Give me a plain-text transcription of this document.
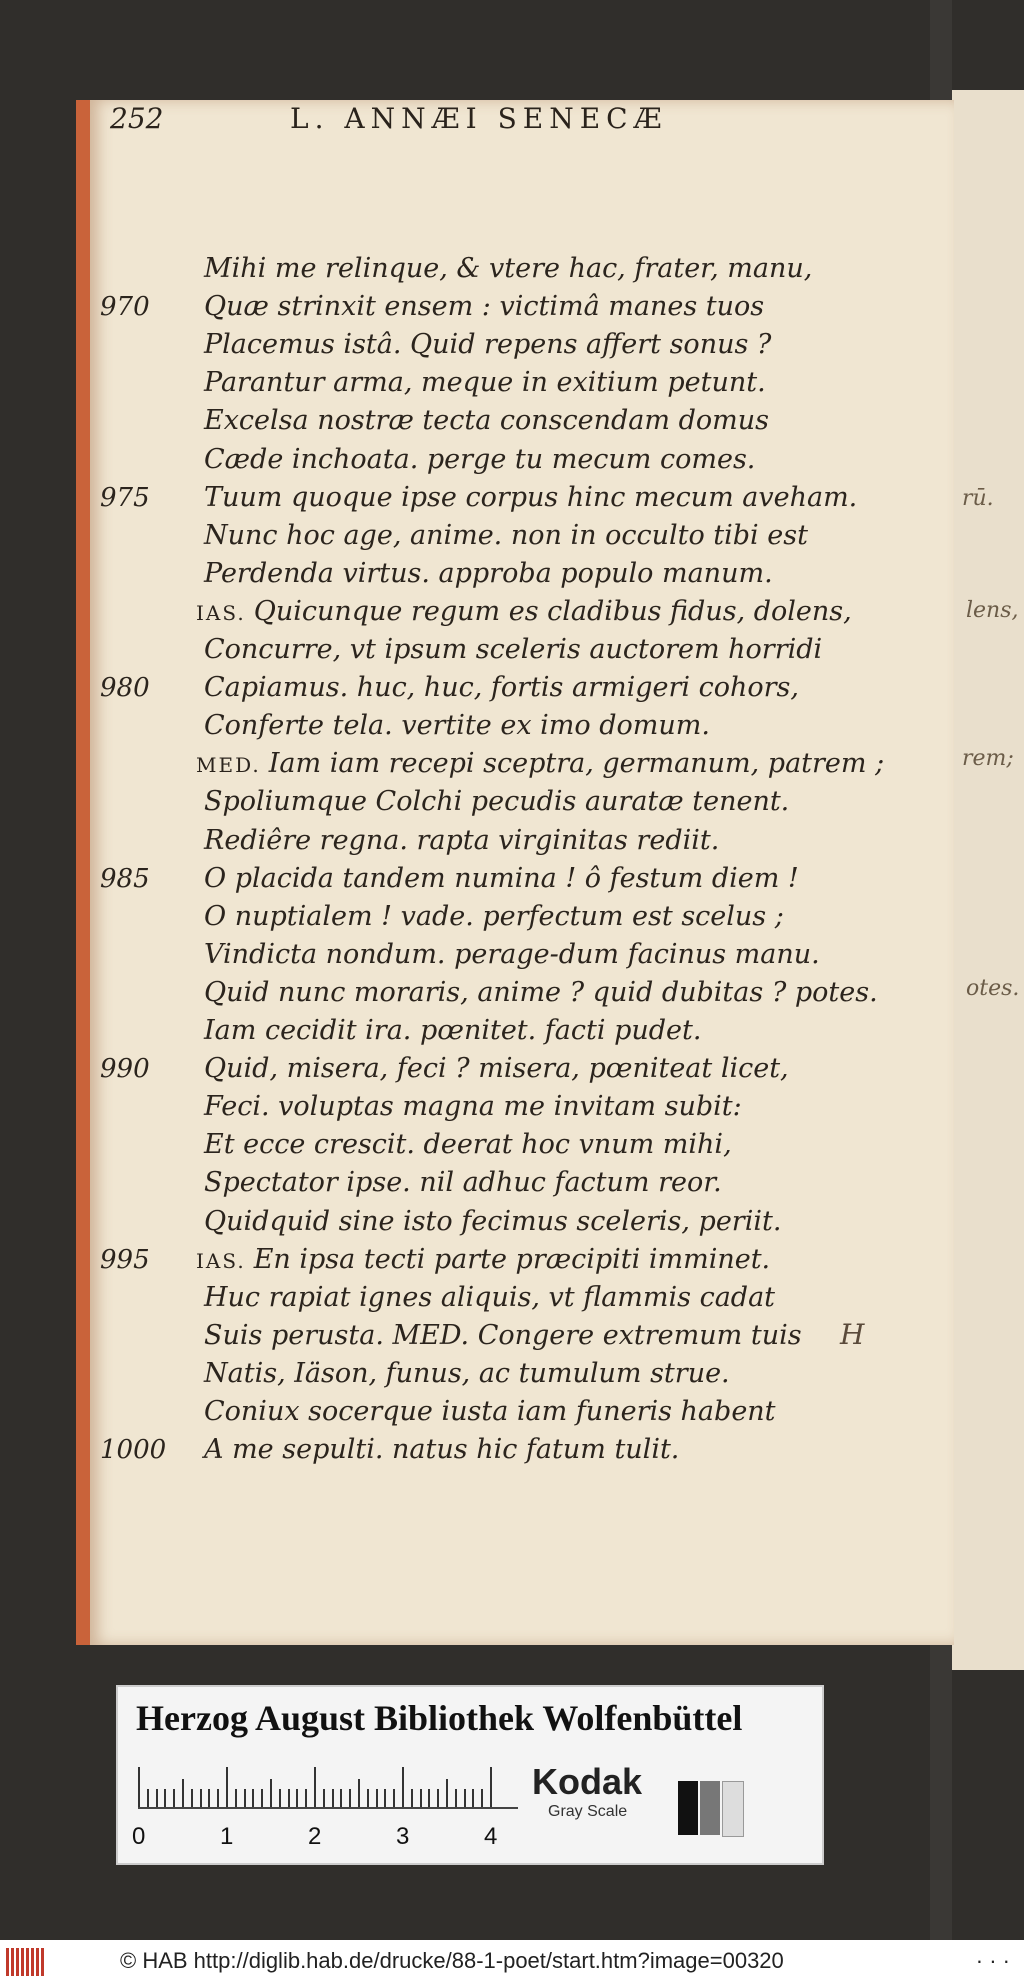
rū.
lens,
rem;
otes.
252	L. ANNÆI SENECÆ
Mihi me relinque, & vtere hac, frater, manu,
970	Quæ strinxit ensem : victimâ manes tuos
Placemus istâ. Quid repens affert sonus ?
Parantur arma, meque in exitium petunt.
Excelsa nostræ tecta conscendam domus
Cæde inchoata. perge tu mecum comes.
975	Tuum quoque ipse corpus hinc mecum aveham.
Nunc hoc age, anime. non in occulto tibi est
Perdenda virtus. approba populo manum.
IAS. Quicunque regum es cladibus fidus, dolens,
Concurre, vt ipsum sceleris auctorem horridi
980	Capiamus. huc, huc, fortis armigeri cohors,
Conferte tela. vertite ex imo domum.
MED. Iam iam recepi sceptra, germanum, patrem ;
Spoliumque Colchi pecudis auratæ tenent.
Rediêre regna. rapta virginitas rediit.
985	O placida tandem numina ! ô festum diem !
O nuptialem ! vade. perfectum est scelus ;
Vindicta nondum. perage-dum facinus manu.
Quid nunc moraris, anime ? quid dubitas ? potes.
Iam cecidit ira. pœnitet. facti pudet.
990	Quid, misera, feci ? misera, pœniteat licet,
Feci. voluptas magna me invitam subit:
Et ecce crescit. deerat hoc vnum mihi,
Spectator ipse. nil adhuc factum reor.
Quidquid sine isto fecimus sceleris, periit.
995	IAS. En ipsa tecti parte præcipiti imminet.
Huc rapiat ignes aliquis, vt flammis cadat
Suis perusta. MED. Congere extremum tuis
Natis, Iäson, funus, ac tumulum strue.
Coniux socerque iusta iam funeris habent
1000	A me sepulti. natus hic fatum tulit.
H
Herzog August Bibliothek Wolfenbüttel
0	1	2	3	4
Kodak
Gray Scale
© HAB http://diglib.hab.de/drucke/88-1-poet/start.htm?image=00320	· · ·
